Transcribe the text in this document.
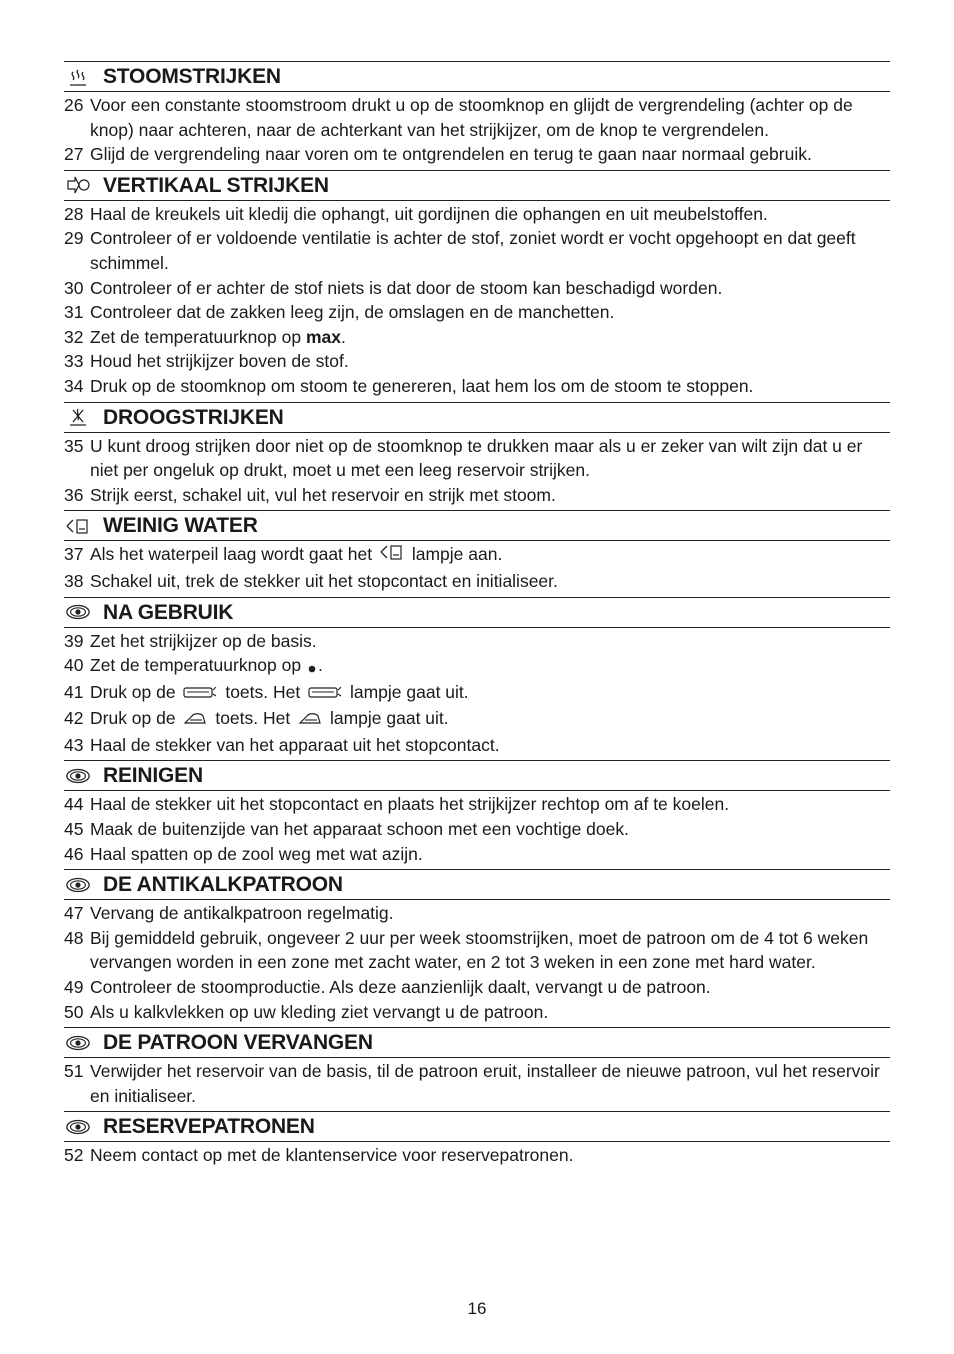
STOOMSTRIJKEN
26 Voor een constante stoomstroom drukt u op de stoomknop en glijdt de vergrendeling (achter op de knop) naar achteren, naar de achterkant van het strijkijzer, om de knop te vergrendelen.
27 Glijd de vergrendeling naar voren om te ontgrendelen en terug te gaan naar normaal gebruik.
VERTIKAAL STRIJKEN
28 Haal de kreukels uit kledij die ophangt, uit gordijnen die ophangen en uit meubelstoffen.
29 Controleer of er voldoende ventilatie is achter de stof, zoniet wordt er vocht opgehoopt en dat geeft schimmel.
30 Controleer of er achter de stof niets is dat door de stoom kan beschadigd worden.
31 Controleer dat de zakken leeg zijn, de omslagen en de manchetten.
32 Zet de temperatuurknop op max.
33 Houd het strijkijzer boven de stof.
34 Druk op de stoomknop om stoom te genereren, laat hem los om de stoom te stoppen.
DROOGSTRIJKEN
35 U kunt droog strijken door niet op de stoomknop te drukken maar als u er zeker van wilt zijn dat u er niet per ongeluk op drukt, moet u met een leeg reservoir strijken.
36 Strijk eerst, schakel uit, vul het reservoir en strijk met stoom.
WEINIG WATER
37 Als het waterpeil laag wordt gaat het  lampje aan.
38 Schakel uit, trek de stekker uit het stopcontact en initialiseer.
NA GEBRUIK
39 Zet het strijkijzer op de basis.
40 Zet de temperatuurknop op .
41 Druk op de  toets. Het  lampje gaat uit.
42 Druk op de  toets. Het  lampje gaat uit.
43 Haal de stekker van het apparaat uit het stopcontact.
REINIGEN
44 Haal de stekker uit het stopcontact en plaats het strijkijzer rechtop om af te koelen.
45 Maak de buitenzijde van het apparaat schoon met een vochtige doek.
46 Haal spatten op de zool weg met wat azijn.
DE ANTIKALKPATROON
47 Vervang de antikalkpatroon regelmatig.
48 Bij gemiddeld gebruik, ongeveer 2 uur per week stoomstrijken, moet de patroon om de 4 tot 6 weken vervangen worden in een zone met zacht water, en 2 tot 3 weken in een zone met hard water.
49 Controleer de stoomproductie. Als deze aanzienlijk daalt, vervangt u de patroon.
50 Als u kalkvlekken op uw kleding ziet vervangt u de patroon.
DE PATROON VERVANGEN
51 Verwijder het reservoir van de basis, til de patroon eruit, installeer de nieuwe patroon, vul het reservoir en initialiseer.
RESERVEPATRONEN
52 Neem contact op met de klantenservice voor reservepatronen.
16
